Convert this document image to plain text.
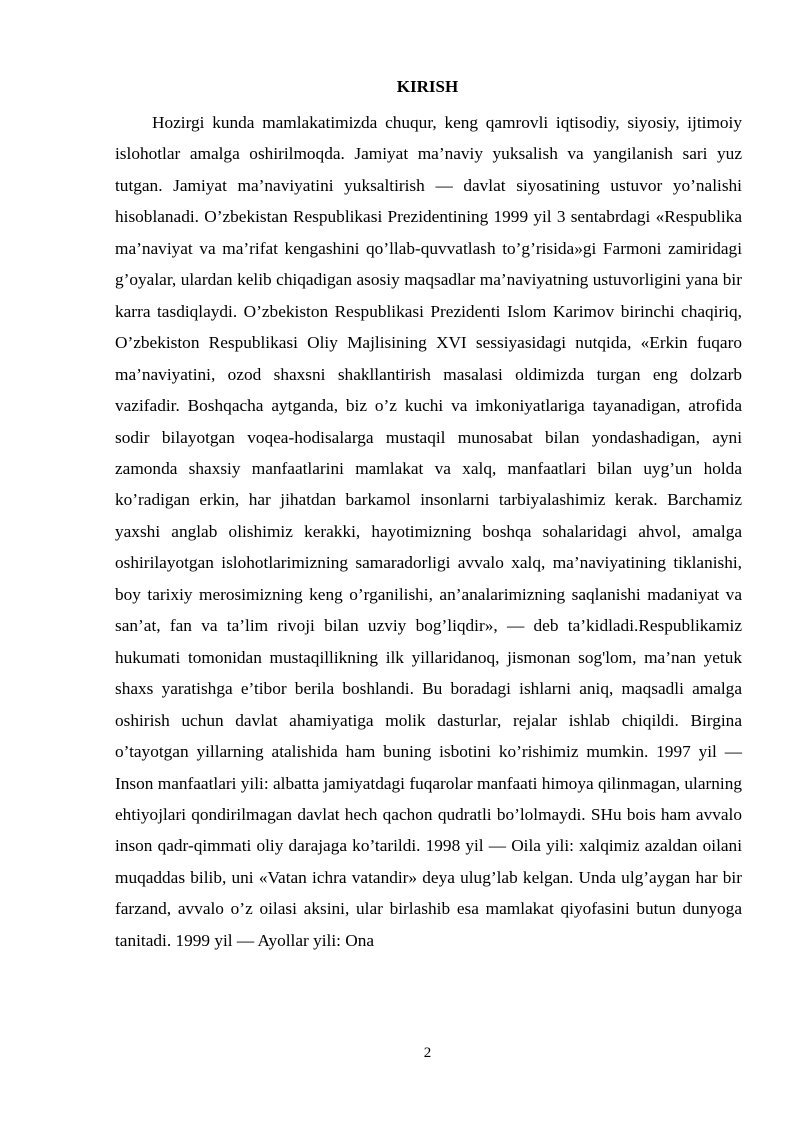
KIRISH

Hozirgi kunda mamlakatimizda chuqur, keng qamrovli iqtisodiy, siyosiy, ijtimoiy islohotlar amalga oshirilmoqda. Jamiyat ma’naviy yuksalish va yangilanish sari yuz tutgan. Jamiyat ma’naviyatini yuksaltirish — davlat siyosatining ustuvor yo’nalishi hisoblanadi. O’zbekistan Respublikasi Prezidentining 1999 yil 3 sentabrdagi «Respublika ma’naviyat va ma’rifat kengashini qo’llab-quvvatlash to’g’risida»gi Farmoni zamiridagi g’oyalar, ulardan kelib chiqadigan asosiy maqsadlar ma’naviyatning ustuvorligini yana bir karra tasdiqlaydi. O’zbekiston Respublikasi Prezidenti Islom Karimov birinchi chaqiriq, O’zbekiston Respublikasi Oliy Majlisining XVI sessiyasidagi nutqida, «Erkin fuqaro ma’naviyatini, ozod shaxsni shakllantirish masalasi oldimizda turgan eng dolzarb vazifadir. Boshqacha aytganda, biz o’z kuchi va imkoniyatlariga tayanadigan, atrofida sodir bilayotgan voqea-hodisalarga mustaqil munosabat bilan yondashadigan, ayni zamonda shaxsiy manfaatlarini mamlakat va xalq, manfaatlari bilan uyg’un holda ko’radigan erkin, har jihatdan barkamol insonlarni tarbiyalashimiz kerak. Barchamiz yaxshi anglab olishimiz kerakki, hayotimizning boshqa sohalaridagi ahvol, amalga oshirilayotgan islohotlarimizning samaradorligi avvalo xalq, ma’naviyatining tiklanishi, boy tarixiy merosimizning keng o’rganilishi, an’analarimizning saqlanishi madaniyat va san’at, fan va ta’lim rivoji bilan uzviy bog’liqdir», — deb ta’kidladi.Respublikamiz hukumati tomonidan mustaqillikning ilk yillaridanoq, jismonan sog'lom, ma’nan yetuk shaxs yaratishga e’tibor berila boshlandi. Bu boradagi ishlarni aniq, maqsadli amalga oshirish uchun davlat ahamiyatiga molik dasturlar, rejalar ishlab chiqildi. Birgina o’tayotgan yillarning atalishida ham buning isbotini ko’rishimiz mumkin. 1997 yil — Inson manfaatlari yili: albatta jamiyatdagi fuqarolar manfaati himoya qilinmagan, ularning ehtiyojlari qondirilmagan davlat hech qachon qudratli bo’lolmaydi. SHu bois ham avvalo inson qadr-qimmati oliy darajaga ko’tarildi. 1998 yil — Oila yili: xalqimiz azaldan oilani muqaddas bilib, uni «Vatan ichra vatandir» deya ulug’lab kelgan. Unda ulg’aygan har bir farzand, avvalo o’z oilasi aksini, ular birlashib esa mamlakat qiyofasini butun dunyoga tanitadi. 1999 yil — Ayollar yili: Ona

2
